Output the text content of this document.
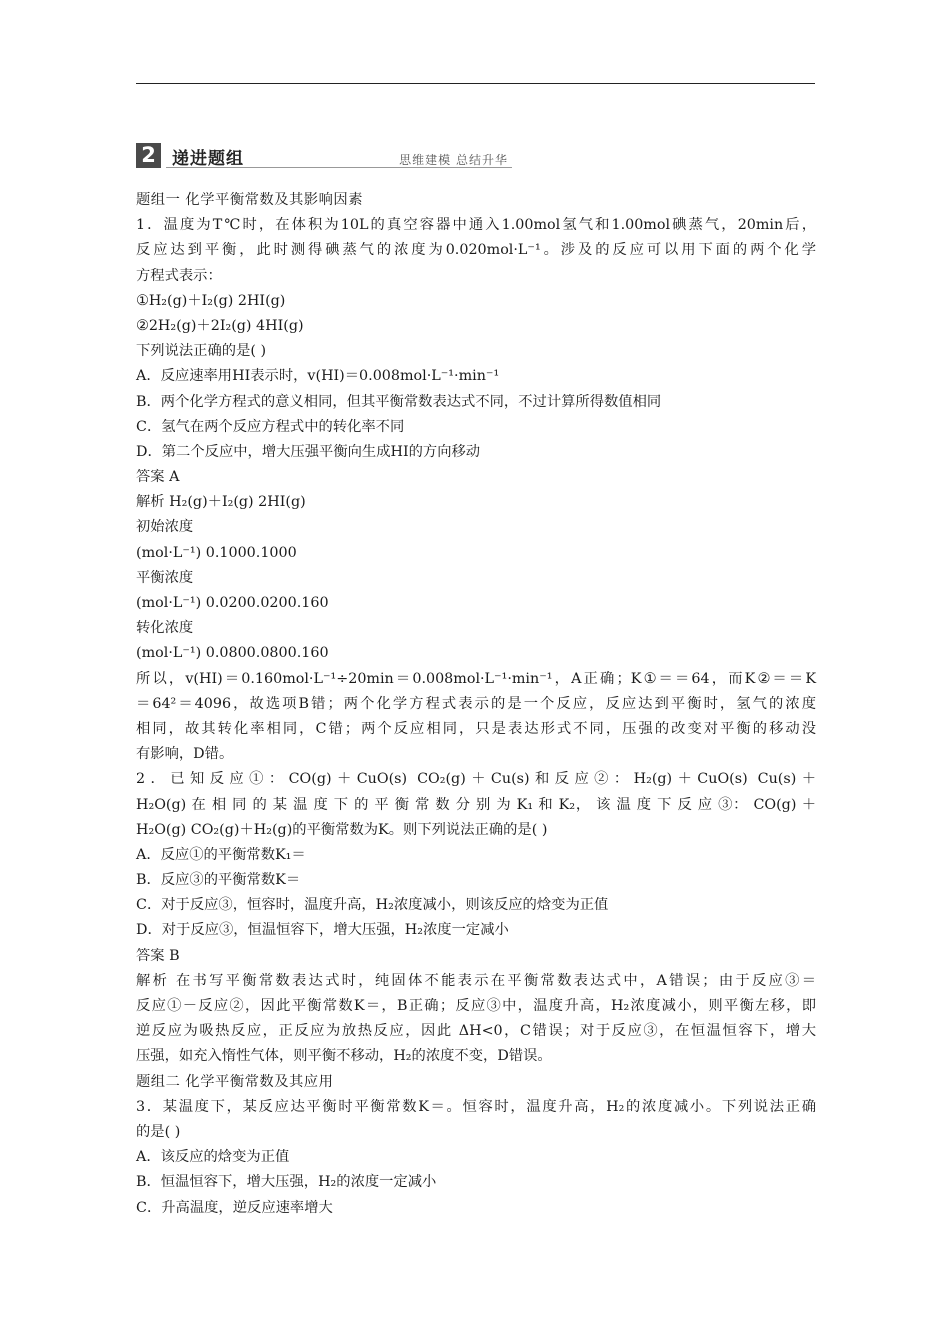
2 递进题组	思维建模 总结升华
题组一 化学平衡常数及其影响因素
1．温度为T℃时，在体积为10L的真空容器中通入1.00mol氢气和1.00mol碘蒸气，20min后，
反应达到平衡，此时测得碘蒸气的浓度为0.020mol·L⁻¹。涉及的反应可以用下面的两个化学
方程式表示：
①H₂(g)＋I₂(g) 2HI(g)
②2H₂(g)＋2I₂(g) 4HI(g)
下列说法正确的是( )
A．反应速率用HI表示时，v(HI)＝0.008mol·L⁻¹·min⁻¹
B．两个化学方程式的意义相同，但其平衡常数表达式不同，不过计算所得数值相同
C．氢气在两个反应方程式中的转化率不同
D．第二个反应中，增大压强平衡向生成HI的方向移动
答案 A
解析 H₂(g)＋I₂(g) 2HI(g)
初始浓度
(mol·L⁻¹) 0.1000.1000
平衡浓度
(mol·L⁻¹) 0.0200.0200.160
转化浓度
(mol·L⁻¹) 0.0800.0800.160
所以，v(HI)＝0.160mol·L⁻¹÷20min＝0.008mol·L⁻¹·min⁻¹，A正确；K①＝＝64，而K②＝＝K
＝64²＝4096，故选项B错；两个化学方程式表示的是一个反应，反应达到平衡时，氢气的浓度
相同，故其转化率相同，C错；两个反应相同，只是表达形式不同，压强的改变对平衡的移动没
有影响，D错。
2．已知反应①：CO(g)＋CuO(s) CO₂(g)＋Cu(s)和反应②：H₂(g)＋CuO(s) Cu(s)＋
H₂O(g) 在 相 同 的 某 温 度 下 的 平 衡 常 数 分 别 为 K₁ 和 K₂， 该 温 度 下 反 应 ③： CO(g) ＋
H₂O(g) CO₂(g)＋H₂(g)的平衡常数为K。则下列说法正确的是( )
A．反应①的平衡常数K₁＝
B．反应③的平衡常数K＝
C．对于反应③，恒容时，温度升高，H₂浓度减小，则该反应的焓变为正值
D．对于反应③，恒温恒容下，增大压强，H₂浓度一定减小
答案 B
解析 在书写平衡常数表达式时，纯固体不能表示在平衡常数表达式中，A错误；由于反应③＝
反应①－反应②，因此平衡常数K＝，B正确；反应③中，温度升高，H₂浓度减小，则平衡左移，即
逆反应为吸热反应，正反应为放热反应，因此 ΔH<0，C错误；对于反应③，在恒温恒容下，增大
压强，如充入惰性气体，则平衡不移动，H₂的浓度不变，D错误。
题组二 化学平衡常数及其应用
3．某温度下，某反应达平衡时平衡常数K＝。恒容时，温度升高，H₂的浓度减小。下列说法正确
的是( )
A．该反应的焓变为正值
B．恒温恒容下，增大压强，H₂的浓度一定减小
C．升高温度，逆反应速率增大
